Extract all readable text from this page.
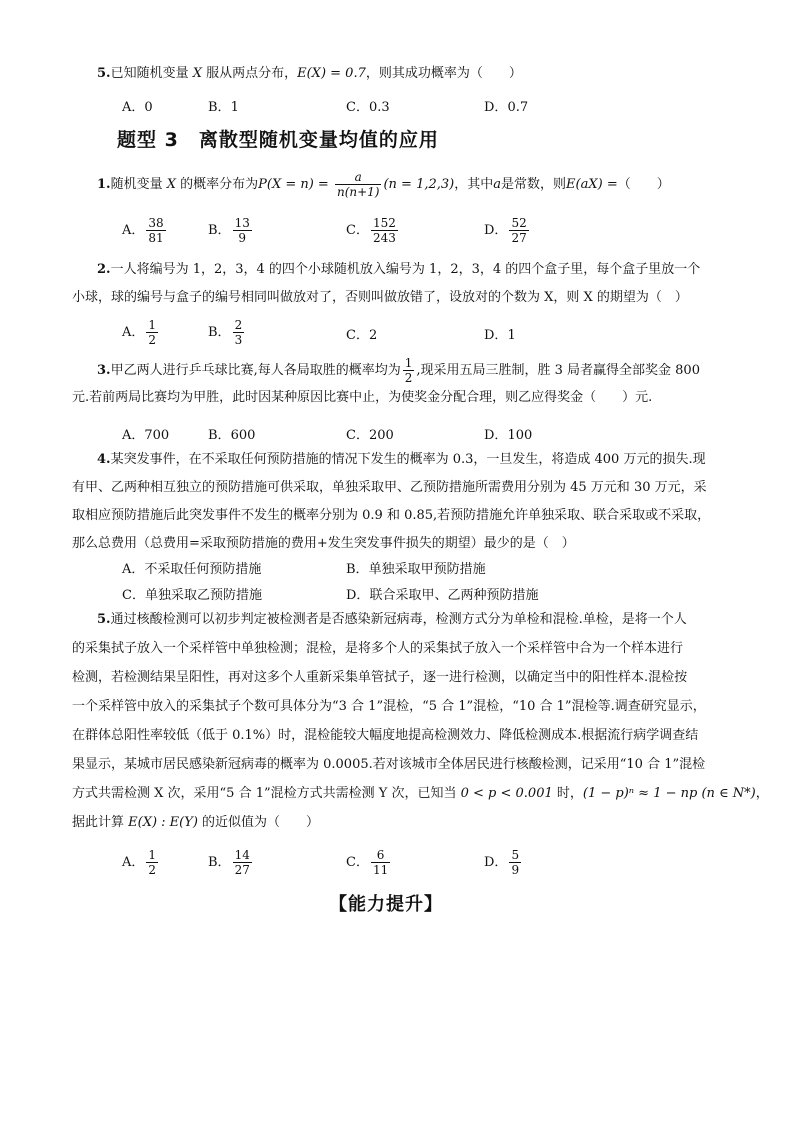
5.已知随机变量 X 服从两点分布，E(X) = 0.7，则其成功概率为（　　）
A．0	B．1	C．0.3	D．0.7
题型 3　离散型随机变量均值的应用
1.随机变量 X 的概率分布为$P(X = n) = \frac{a}{n(n+1)} (n = 1,2,3)$，其中a是常数，则E(aX) =（　　）
A． $\frac{38}{81}$	B． $\frac{13}{9}$	C． $\frac{152}{243}$	D． $\frac{52}{27}$
2.一人将编号为 1，2，3，4 的四个小球随机放入编号为 1，2，3，4 的四个盒子里，每个盒子里放一个
小球，球的编号与盒子的编号相同叫做放对了，否则叫做放错了，设放对的个数为 X，则 X 的期望为（　）
A． $\frac{1}{2}$	B． $\frac{2}{3}$	C．2	D．1
3.甲乙两人进行乒乓球比赛,每人各局取胜的概率均为 $\frac{1}{2}$ ,现采用五局三胜制，胜 3 局者赢得全部奖金 800
元.若前两局比赛均为甲胜，此时因某种原因比赛中止，为使奖金分配合理，则乙应得奖金（　　）元.
A．700	B．600	C．200	D．100
4.某突发事件，在不采取任何预防措施的情况下发生的概率为 0.3，一旦发生，将造成 400 万元的损失.现
有甲、乙两种相互独立的预防措施可供采取，单独采取甲、乙预防措施所需费用分别为 45 万元和 30 万元，采
取相应预防措施后此突发事件不发生的概率分别为 0.9 和 0.85,若预防措施允许单独采取、联合采取或不采取，
那么总费用（总费用=采取预防措施的费用+发生突发事件损失的期望）最少的是（　）
A．不采取任何预防措施	B．单独采取甲预防措施
C．单独采取乙预防措施	D．联合采取甲、乙两种预防措施
5.通过核酸检测可以初步判定被检测者是否感染新冠病毒，检测方式分为单检和混检.单检，是将一个人
的采集拭子放入一个采样管中单独检测；混检，是将多个人的采集拭子放入一个采样管中合为一个样本进行
检测，若检测结果呈阳性，再对这多个人重新采集单管拭子，逐一进行检测，以确定当中的阳性样本.混检按
一个采样管中放入的采集拭子个数可具体分为“3 合 1”混检，“5 合 1”混检，“10 合 1”混检等.调查研究显示，
在群体总阳性率较低（低于 0.1%）时，混检能较大幅度地提高检测效力、降低检测成本.根据流行病学调查结
果显示，某城市居民感染新冠病毒的概率为 0.0005.若对该城市全体居民进行核酸检测，记采用“10 合 1”混检
方式共需检测 X 次，采用“5 合 1”混检方式共需检测 Y 次，已知当 0 < p < 0.001 时，(1 − p)ⁿ ≈ 1 − np (n ∈ N*)，
据此计算 E(X) : E(Y) 的近似值为（　　）
A． $\frac{1}{2}$	B． $\frac{14}{27}$	C． $\frac{6}{11}$	D． $\frac{5}{9}$
【能力提升】
